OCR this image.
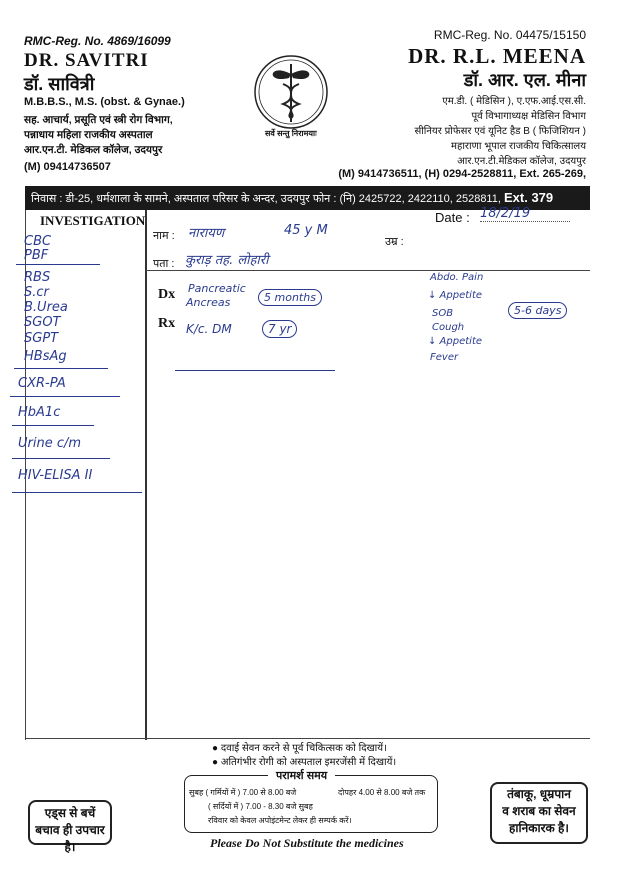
RMC-Reg. No. 4869/16099
DR. SAVITRI
डॉ. सावित्री
M.B.B.S., M.S. (obst. & Gynae.)
सह. आचार्य, प्रसूति एवं स्त्री रोग विभाग,
पन्नाधाय महिला राजकीय अस्पताल
आर.एन.टी. मेडिकल कॉलेज, उदयपुर
(M) 09414736507
सर्वे सन्तु निरामयाः
RMC-Reg. No. 04475/15150
DR. R.L. MEENA
डॉ. आर. एल. मीना
एम.डी. ( मेडिसिन ), ए.एफ.आई.एस.सी.
पूर्व विभागाध्यक्ष मेडिसिन विभाग
सीनियर प्रोफेसर एवं यूनिट हैड B ( फिजिशियन )
महाराणा भूपाल राजकीय चिकित्सालय
आर.एन.टी.मेडिकल कॉलेज, उदयपुर
(M) 9414736511, (H) 0294-2528811, Ext. 265-269,
निवास : डी-25, धर्मशाला के सामने, अस्पताल परिसर के अन्दर, उदयपुर फोन : (नि) 2425722, 2422110, 2528811, Ext. 379
INVESTIGATION	Date : 18/2/19
नाम : नारायण	45 y M
उम्र :
पता : कुराड़ तह. लोहारी
CBC
PBF
RBS
S.cr
B.Urea
SGOT
SGPT
HBsAg
CXR-PA
HbA1c
Urine c/m
HIV-ELISA II
Dx Pancreatic
Ancreas	5 months
Rx K/c. DM	7 yr
Abdo. Pain
↓ Appetite
SOB
Cough
↓ Appetite
Fever
5-6 days
● दवाई सेवन करने से पूर्व चिकित्सक को दिखायें।
● अतिगंभीर रोगी को अस्पताल इमरजेंसी में दिखायें।
परामर्श समय
सुबह ( गर्मियों में ) 7.00 से 8.00 बजे	दोपहर 4.00 से 8.00 बजे तक
( सर्दियों में ) 7.00 - 8.30 बजे सुबह
रविवार को केवल अपोइंटमेन्ट लेकर ही सम्पर्क करें।
एड्स से बचें
बचाव ही उपचार है।
तंबाकू, धूम्रपान
व शराब का सेवन
हानिकारक है।
Please Do Not Substitute the medicines
